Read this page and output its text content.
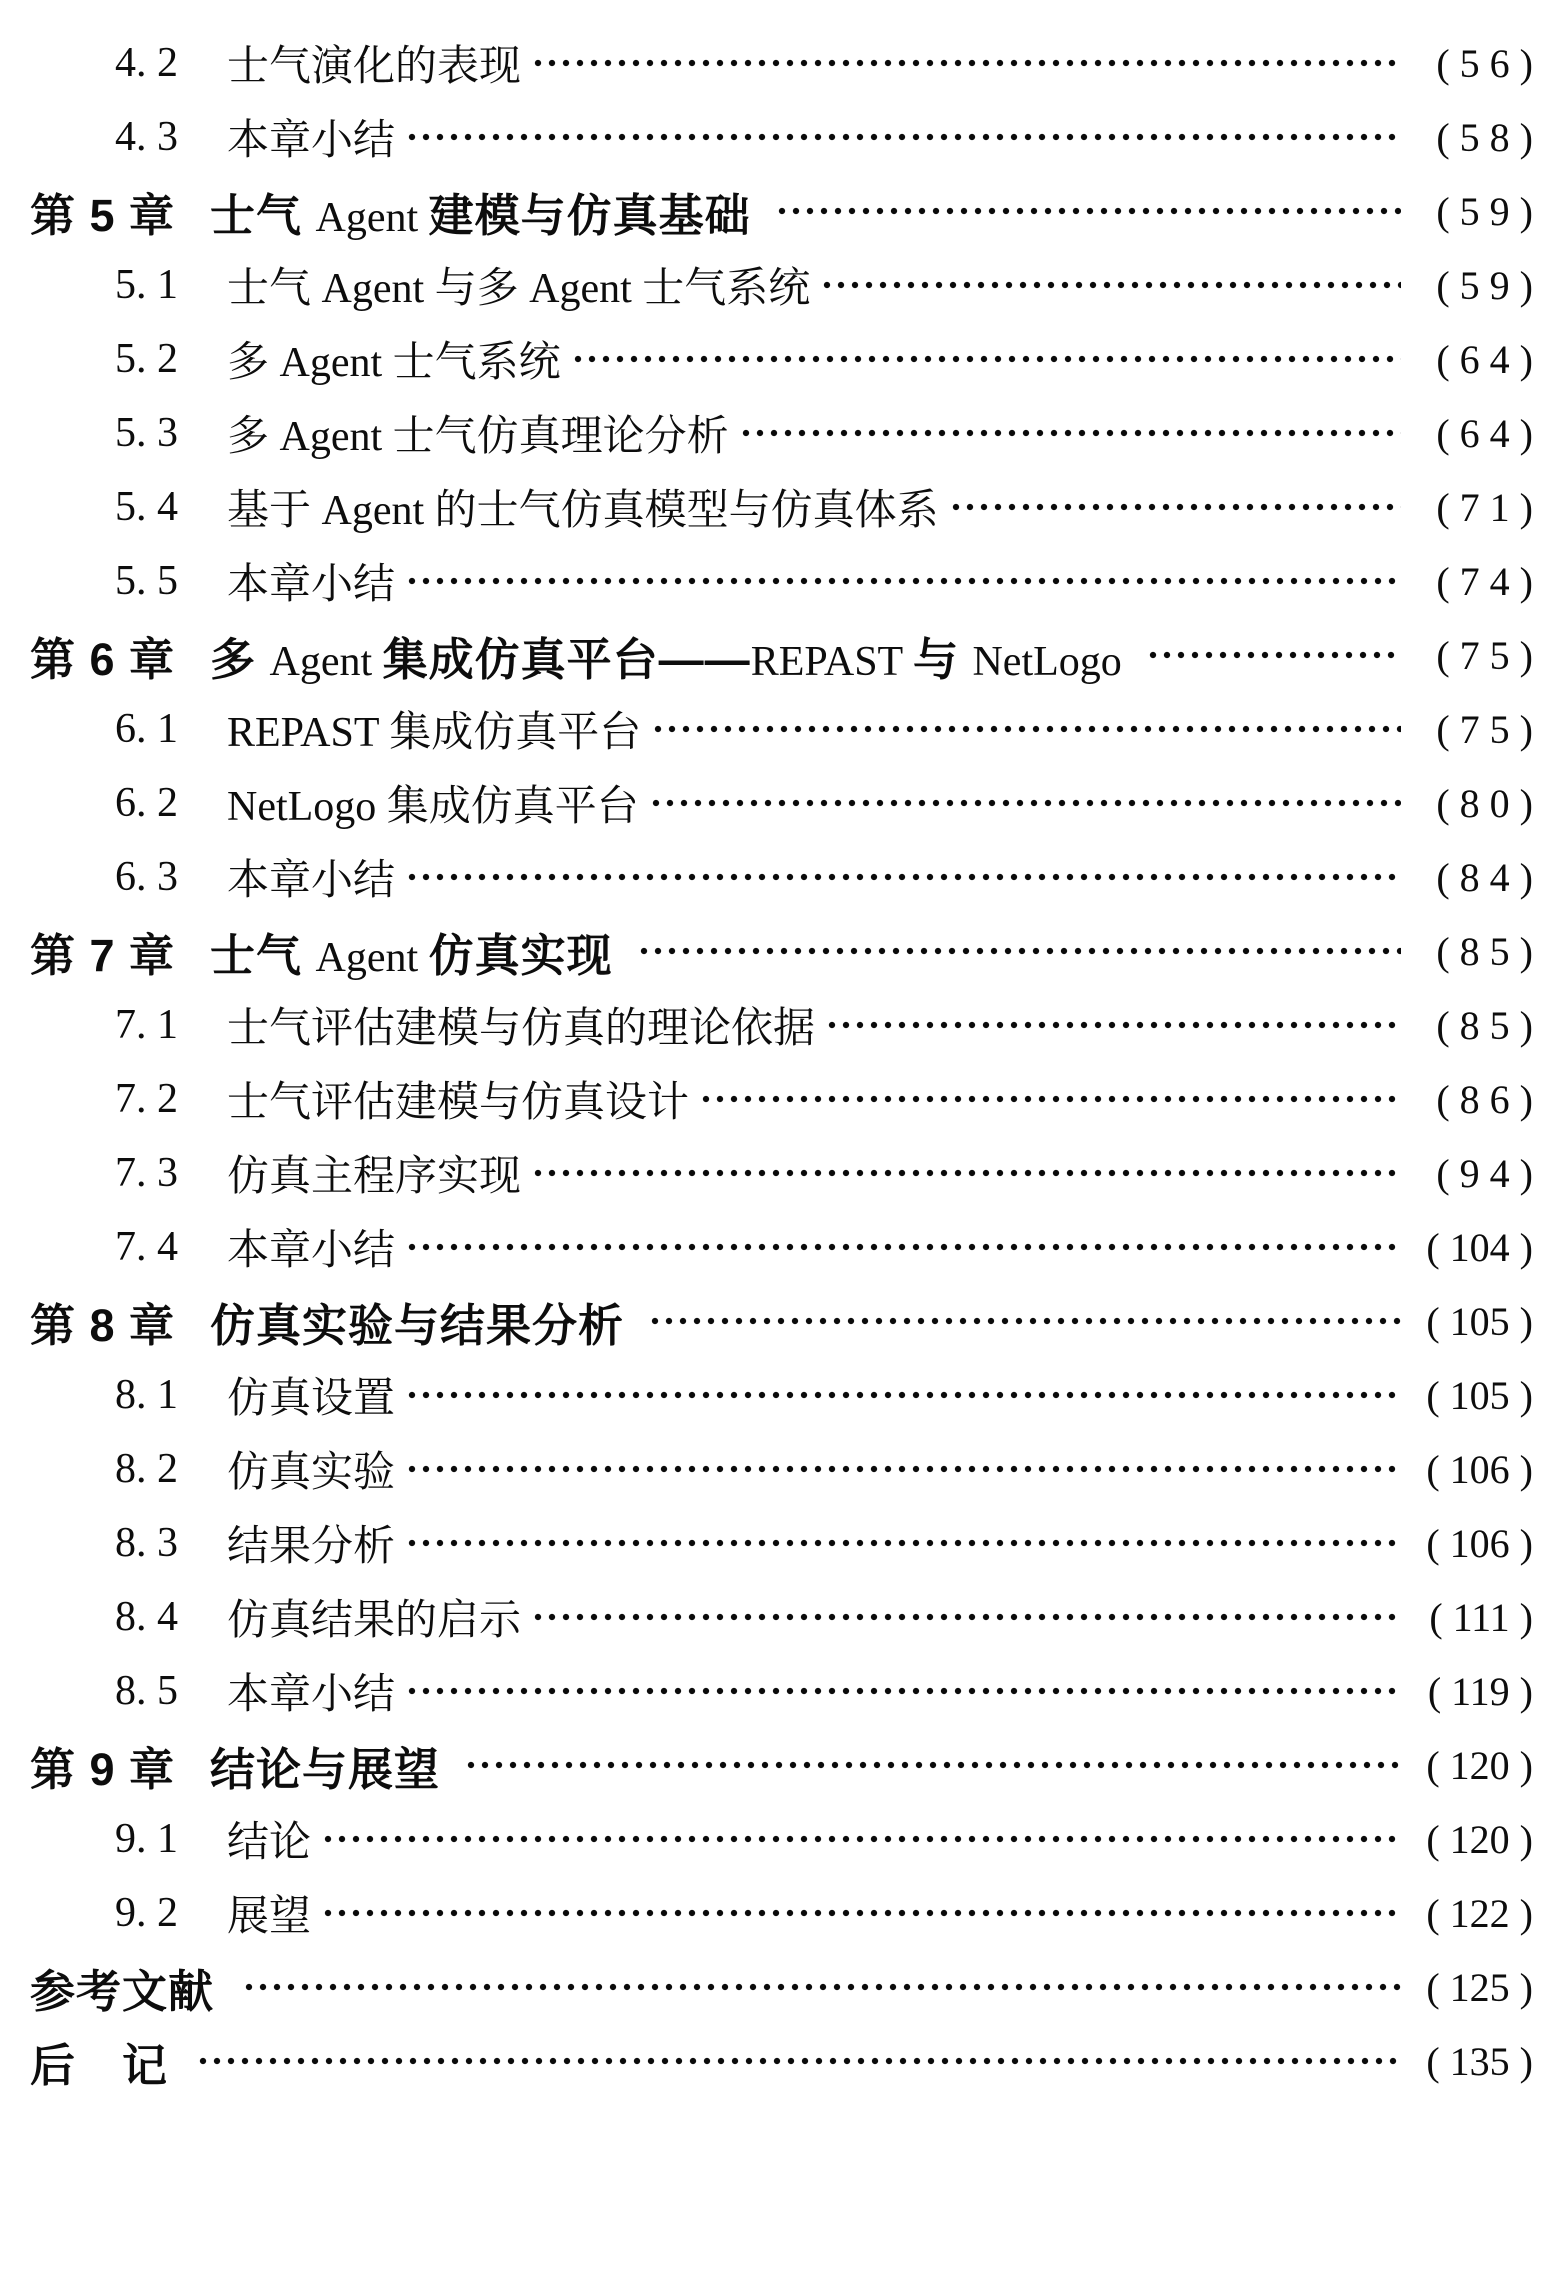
4. 2	士气演化的表现	( 5 6 )
4. 3	本章小结	( 5 8 )
第 5 章 士气 Agent 建模与仿真基础	( 5 9 )
5. 1	士气 Agent 与多 Agent 士气系统	( 5 9 )
5. 2	多 Agent 士气系统	( 6 4 )
5. 3	多 Agent 士气仿真理论分析	( 6 4 )
5. 4	基于 Agent 的士气仿真模型与仿真体系	( 7 1 )
5. 5	本章小结	( 7 4 )
第 6 章 多 Agent 集成仿真平台——REPAST 与 NetLogo	( 7 5 )
6. 1	REPAST 集成仿真平台	( 7 5 )
6. 2	NetLogo 集成仿真平台	( 8 0 )
6. 3	本章小结	( 8 4 )
第 7 章 士气 Agent 仿真实现	( 8 5 )
7. 1	士气评估建模与仿真的理论依据	( 8 5 )
7. 2	士气评估建模与仿真设计	( 8 6 )
7. 3	仿真主程序实现	( 9 4 )
7. 4	本章小结	( 104 )
第 8 章 仿真实验与结果分析	( 105 )
8. 1	仿真设置	( 105 )
8. 2	仿真实验	( 106 )
8. 3	结果分析	( 106 )
8. 4	仿真结果的启示	( 111 )
8. 5	本章小结	( 119 )
第 9 章 结论与展望	( 120 )
9. 1	结论	( 120 )
9. 2	展望	( 122 )
参考文献	( 125 )
后　记	( 135 )
